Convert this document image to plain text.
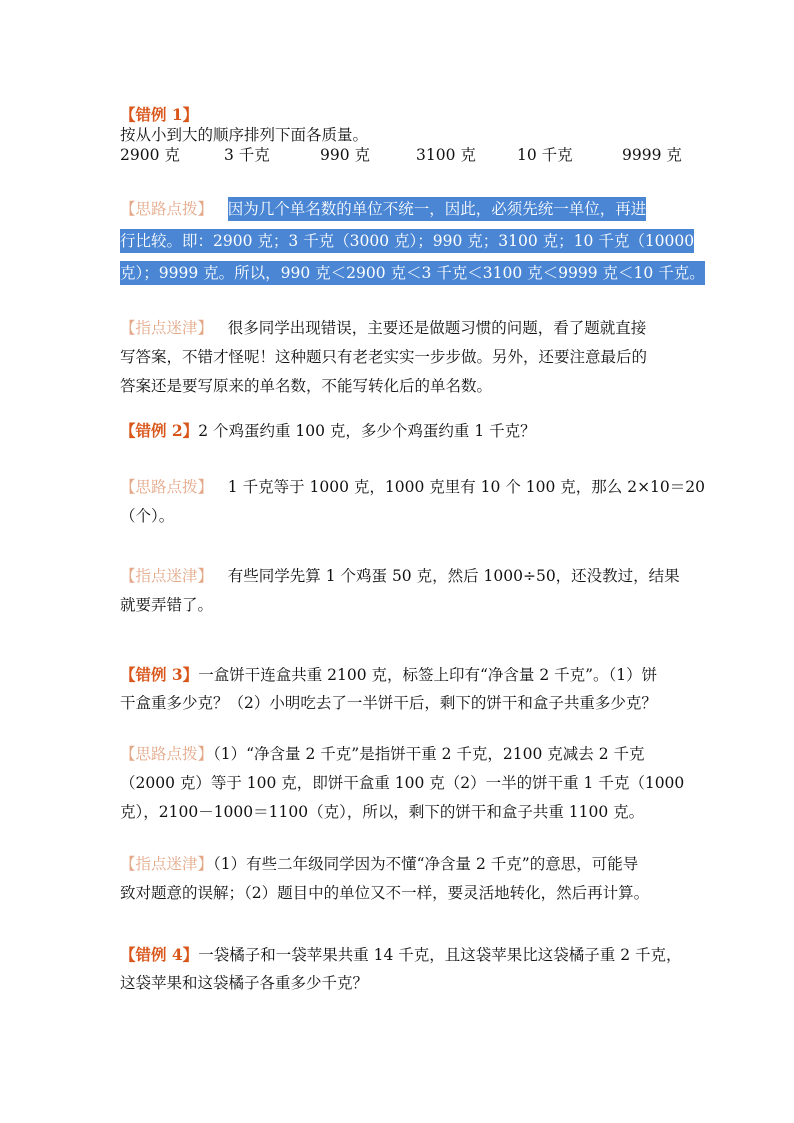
【错例 1】
按从小到大的顺序排列下面各质量。
2900 克	3 千克	990 克	3100 克	10 千克	9999 克
【思路点拨】 因为几个单名数的单位不统一，因此，必须先统一单位，再进
行比较。即：2900 克；3 千克（3000 克）；990 克；3100 克；10 千克（10000
克）；9999 克。所以，990 克＜2900 克＜3 千克＜3100 克＜9999 克＜10 千克。
【指点迷津】 很多同学出现错误，主要还是做题习惯的问题，看了题就直接
写答案，不错才怪呢！这种题只有老老实实一步步做。另外，还要注意最后的
答案还是要写原来的单名数，不能写转化后的单名数。
【错例 2】2 个鸡蛋约重 100 克，多少个鸡蛋约重 1 千克？
【思路点拨】 1 千克等于 1000 克，1000 克里有 10 个 100 克，那么 2×10＝20
（个）。
【指点迷津】 有些同学先算 1 个鸡蛋 50 克，然后 1000÷50，还没教过，结果
就要弄错了。
【错例 3】一盒饼干连盒共重 2100 克，标签上印有“净含量 2 千克”。（1）饼
干盒重多少克？（2）小明吃去了一半饼干后，剩下的饼干和盒子共重多少克？
【思路点拨】（1）“净含量 2 千克”是指饼干重 2 千克，2100 克减去 2 千克
（2000 克）等于 100 克，即饼干盒重 100 克（2）一半的饼干重 1 千克（1000
克），2100－1000＝1100（克），所以，剩下的饼干和盒子共重 1100 克。
【指点迷津】（1）有些二年级同学因为不懂“净含量 2 千克”的意思，可能导
致对题意的误解；（2）题目中的单位又不一样，要灵活地转化，然后再计算。
【错例 4】一袋橘子和一袋苹果共重 14 千克，且这袋苹果比这袋橘子重 2 千克，
这袋苹果和这袋橘子各重多少千克？
